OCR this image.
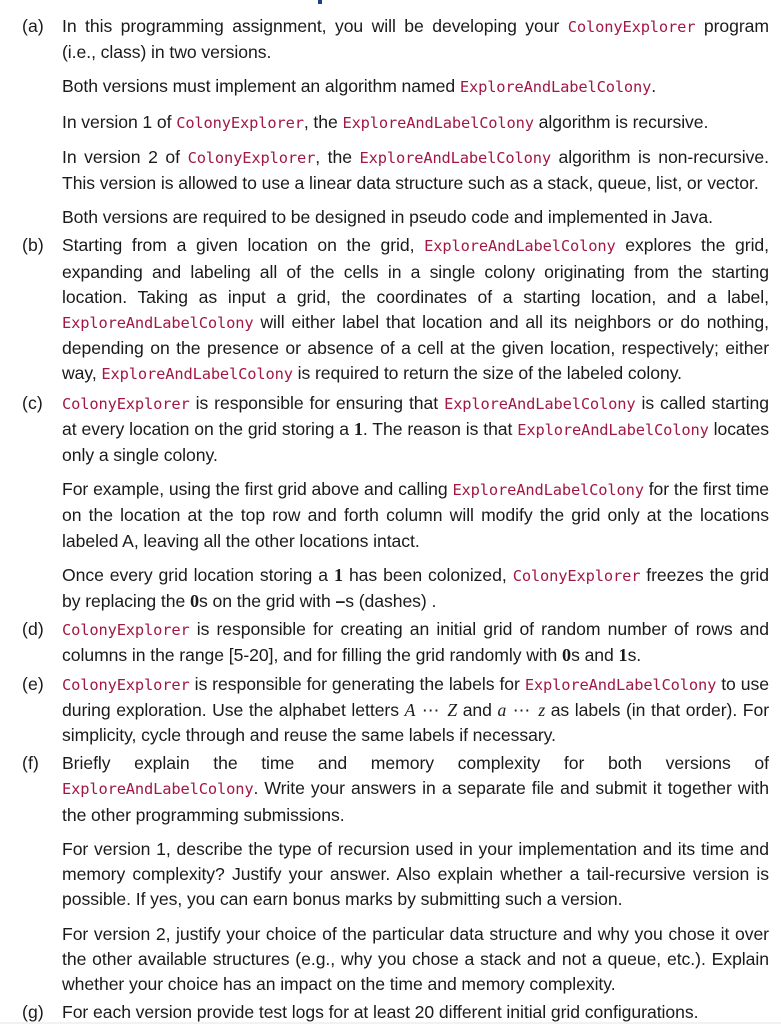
(a)	In this programming assignment, you will be developing your ColonyExplorer program (i.e., class) in two versions.

Both versions must implement an algorithm named ExploreAndLabelColony.

In version 1 of ColonyExplorer, the ExploreAndLabelColony algorithm is recursive.

In version 2 of ColonyExplorer, the ExploreAndLabelColony algorithm is non-recursive. This version is allowed to use a linear data structure such as a stack, queue, list, or vector.

Both versions are required to be designed in pseudo code and implemented in Java.

(b)	Starting from a given location on the grid, ExploreAndLabelColony explores the grid, expanding and labeling all of the cells in a single colony originating from the starting location. Taking as input a grid, the coordinates of a starting location, and a label, ExploreAndLabelColony will either label that location and all its neighbors or do nothing, depending on the presence or absence of a cell at the given location, respectively; either way, ExploreAndLabelColony is required to return the size of the labeled colony.

(c)	ColonyExplorer is responsible for ensuring that ExploreAndLabelColony is called starting at every location on the grid storing a 1. The reason is that ExploreAndLabelColony locates only a single colony.

For example, using the first grid above and calling ExploreAndLabelColony for the first time on the location at the top row and forth column will modify the grid only at the locations labeled A, leaving all the other locations intact.

Once every grid location storing a 1 has been colonized, ColonyExplorer freezes the grid by replacing the 0s on the grid with –s (dashes) .

(d)	ColonyExplorer is responsible for creating an initial grid of random number of rows and columns in the range [5-20], and for filling the grid randomly with 0s and 1s.

(e)	ColonyExplorer is responsible for generating the labels for ExploreAndLabelColony to use during exploration. Use the alphabet letters A ⋯ Z and a ⋯ z as labels (in that order). For simplicity, cycle through and reuse the same labels if necessary.

(f)	Briefly explain the time and memory complexity for both versions of ExploreAndLabelColony. Write your answers in a separate file and submit it together with the other programming submissions.

For version 1, describe the type of recursion used in your implementation and its time and memory complexity? Justify your answer. Also explain whether a tail-recursive version is possible. If yes, you can earn bonus marks by submitting such a version.

For version 2, justify your choice of the particular data structure and why you chose it over the other available structures (e.g., why you chose a stack and not a queue, etc.). Explain whether your choice has an impact on the time and memory complexity.

(g)	For each version provide test logs for at least 20 different initial grid configurations.
